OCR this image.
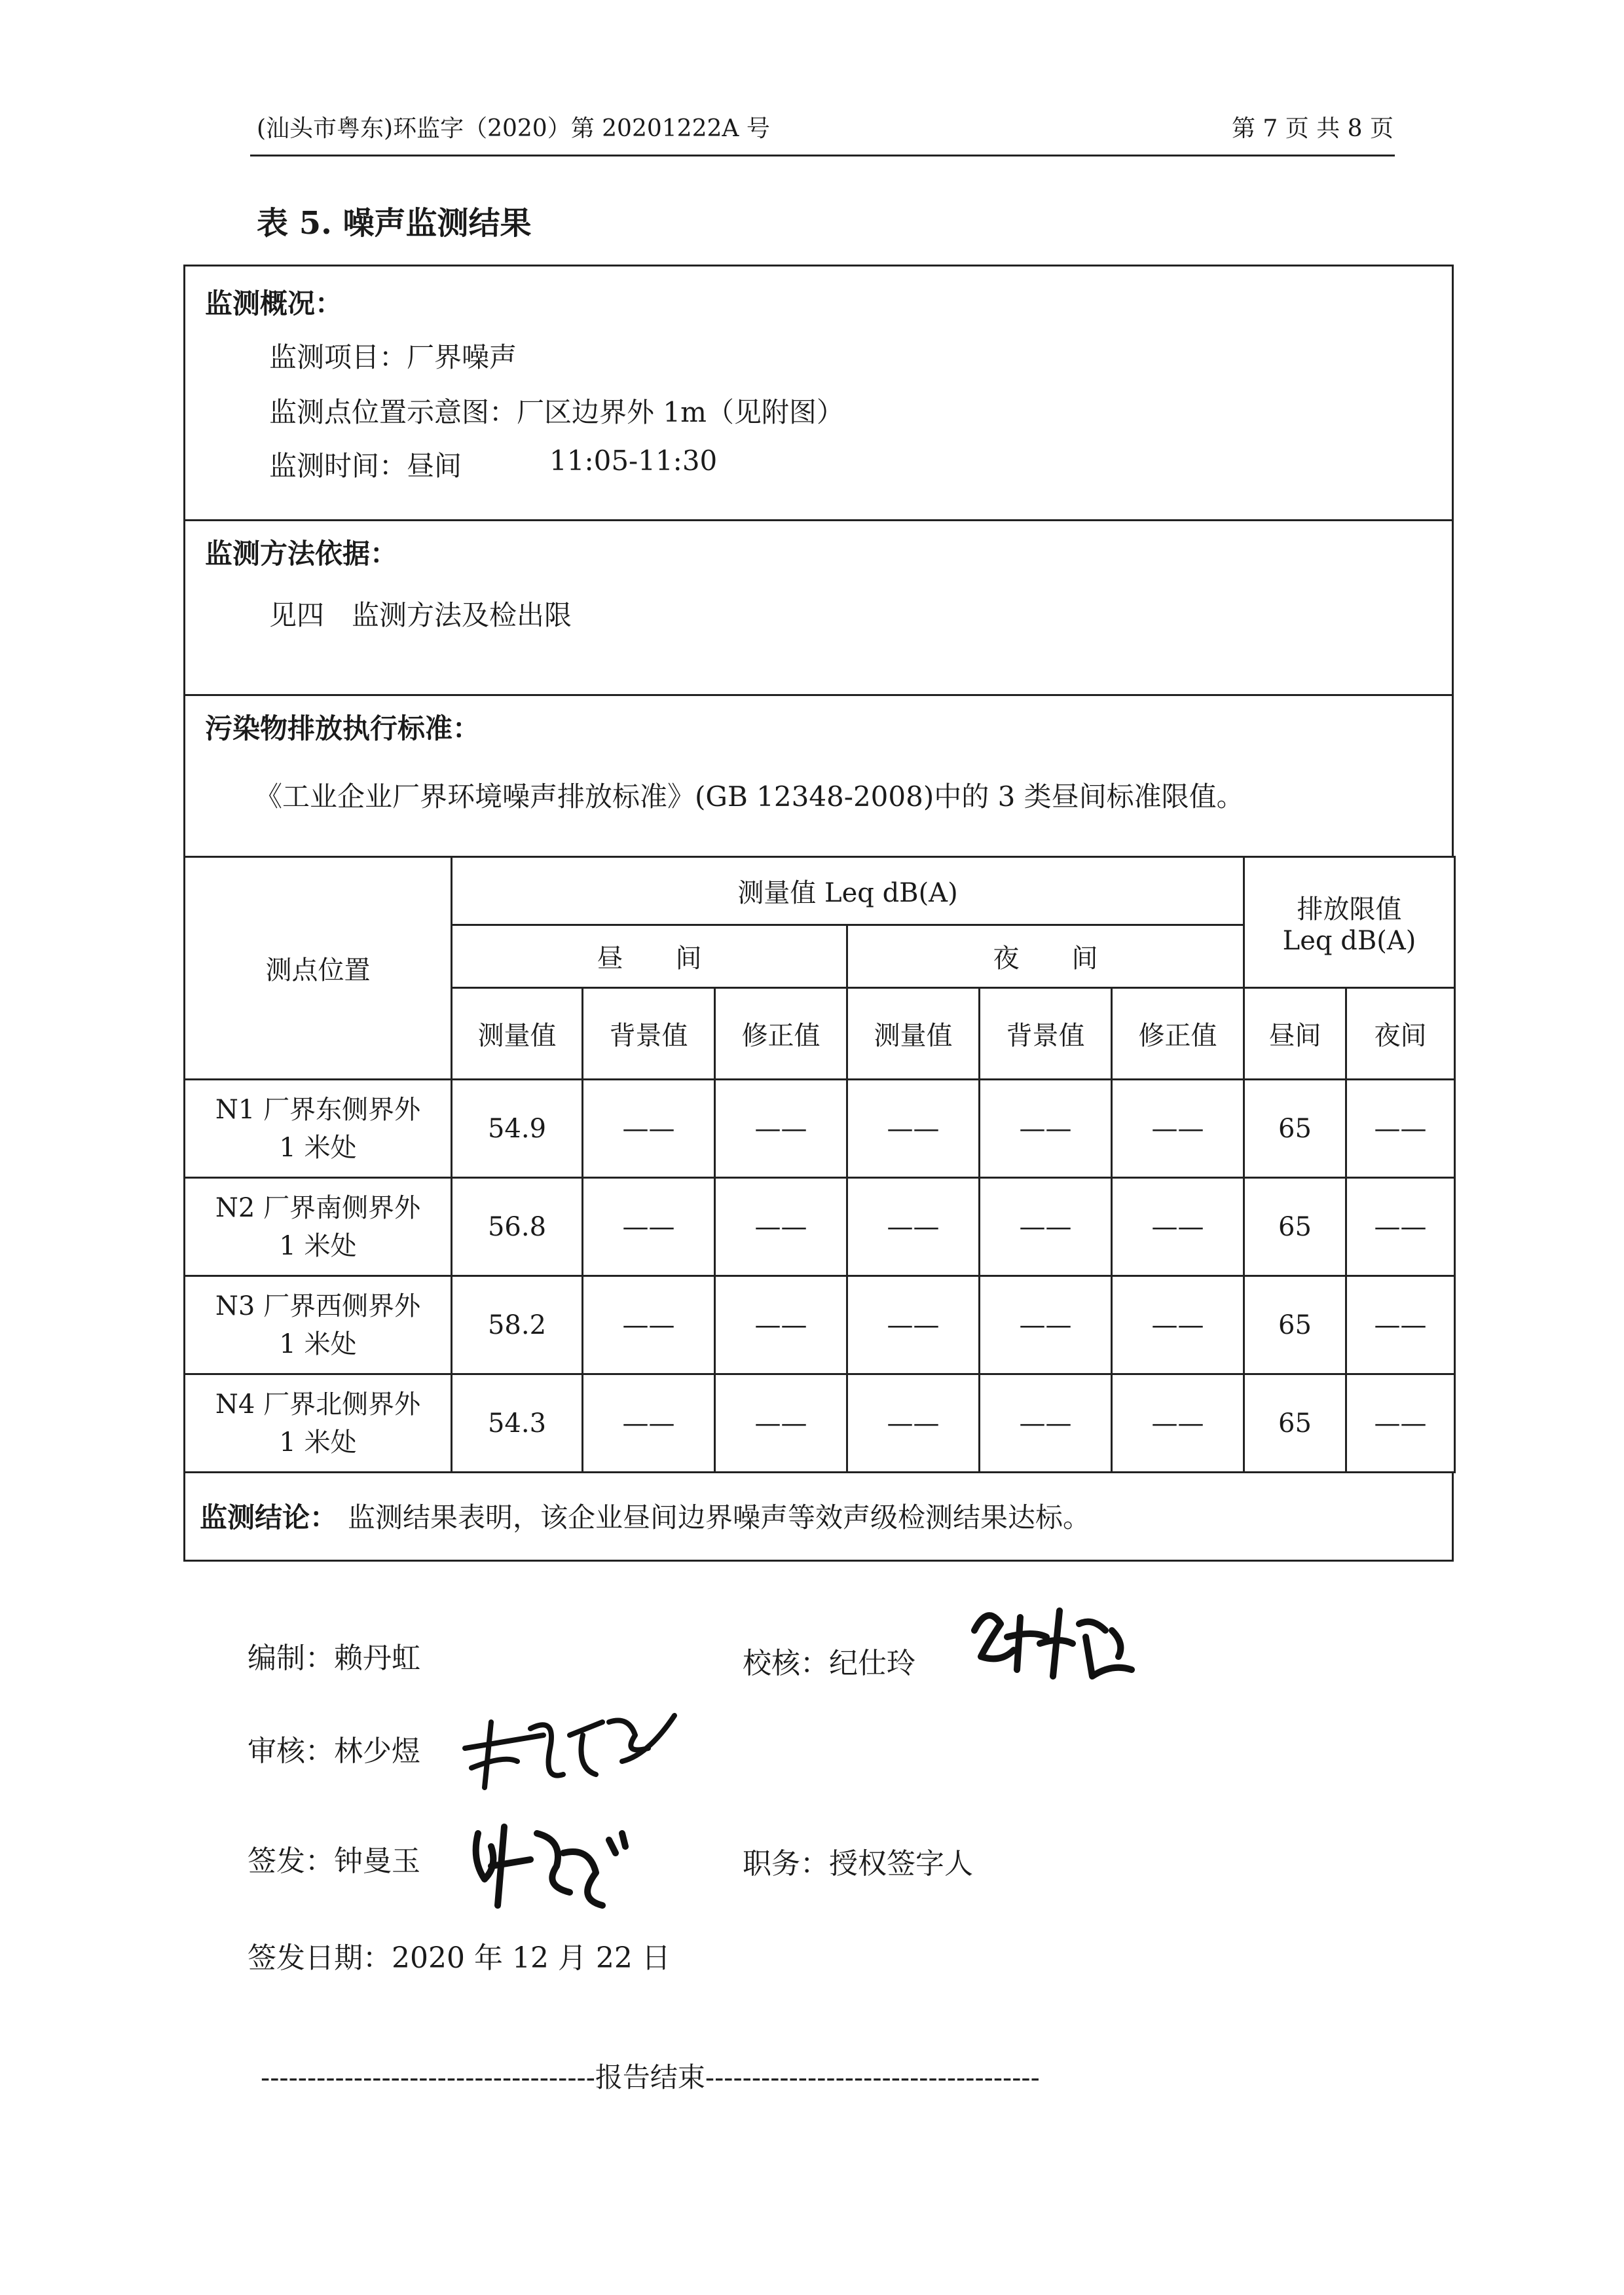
(汕头市粤东)环监字（2020）第 20201222A 号	第 7 页 共 8 页
表 5. 噪声监测结果
监测概况：
监测项目：厂界噪声
监测点位置示意图：厂区边界外 1m（见附图）
监测时间：昼间	11:05-11:30
监测方法依据：
见四　监测方法及检出限
污染物排放执行标准：
《工业企业厂界环境噪声排放标准》(GB 12348-2008)中的 3 类昼间标准限值。
测点位置	测量值 Leq dB(A)						排放限值
Leq dB(A)	

	昼　　间			夜　　间				
	测量值	背景值	修正值	测量值	背景值	修正值	昼间	夜间

N1 厂界东侧界外
1 米处	54.9	——	——	——	——	——	65	——

N2 厂界南侧界外
1 米处	56.8	——	——	——	——	——	65	——

N3 厂界西侧界外
1 米处	58.2	——	——	——	——	——	65	——

N4 厂界北侧界外
1 米处	54.3	——	——	——	——	——	65	——
监测结论： 监测结果表明，该企业昼间边界噪声等效声级检测结果达标。
编制：赖丹虹	校核：纪仕玲
审核：林少煜
签发：钟曼玉	职务：授权签字人
签发日期：2020 年 12 月 22 日
------------------------------------报告结束------------------------------------
